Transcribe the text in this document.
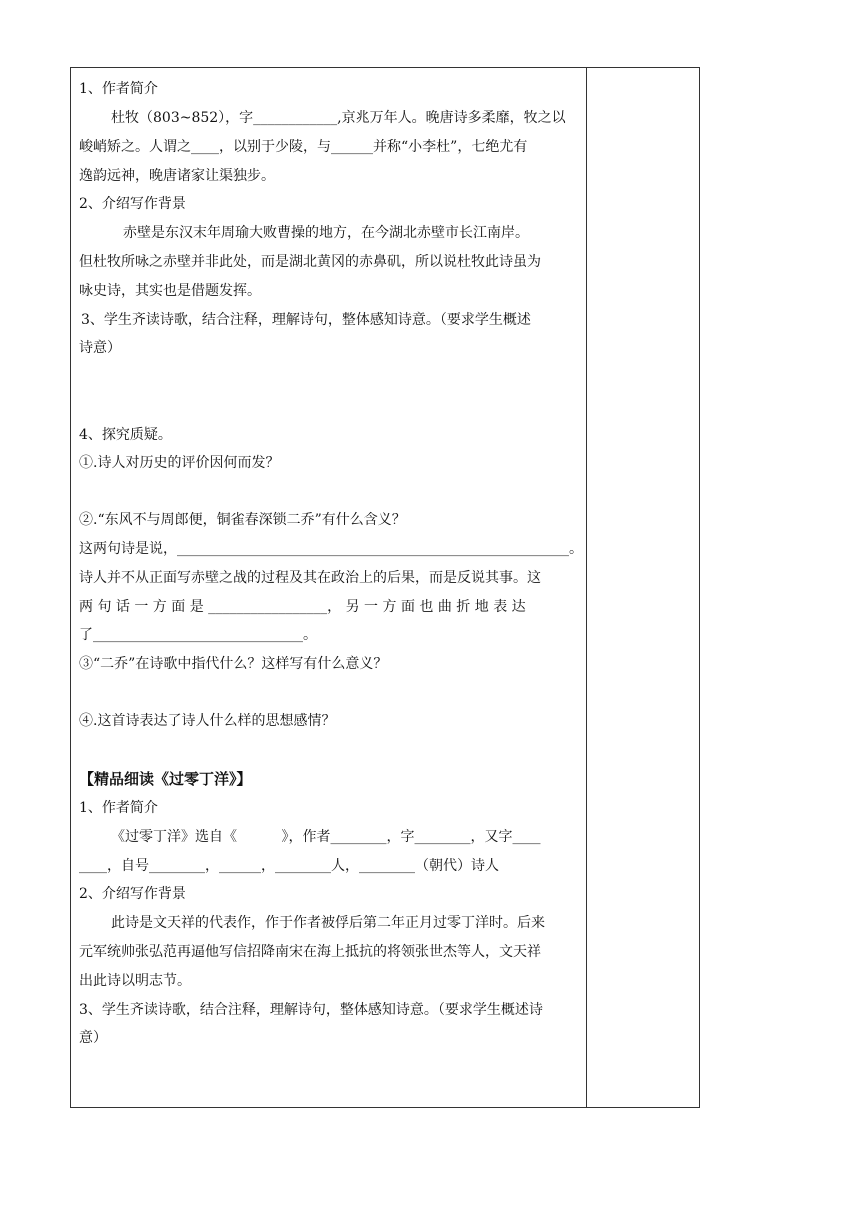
1、作者简介
杜牧（803~852），字____________,京兆万年人。晚唐诗多柔靡，牧之以
峻峭矫之。人谓之____，以别于少陵，与______并称“小李杜”，七绝尤有
逸韵远神，晚唐诸家让渠独步。
2、介绍写作背景
赤壁是东汉末年周瑜大败曹操的地方，在今湖北赤壁市长江南岸。
但杜牧所咏之赤壁并非此处，而是湖北黄冈的赤鼻矶，所以说杜牧此诗虽为
咏史诗，其实也是借题发挥。
3、学生齐读诗歌，结合注释，理解诗句，整体感知诗意。（要求学生概述
诗意）
4、探究质疑。
①.诗人对历史的评价因何而发？
②.“东风不与周郎便，铜雀春深锁二乔”有什么含义？
这两句诗是说，________________________________________________________。
诗人并不从正面写赤壁之战的过程及其在政治上的后果，而是反说其事。这
两 句 话 一 方 面 是 _________________， 另 一 方 面 也 曲 折 地 表 达
了______________________________。
③“二乔”在诗歌中指代什么？这样写有什么意义？
④.这首诗表达了诗人什么样的思想感情？
【精品细读《过零丁洋》】
1、作者简介
《过零丁洋》选自《          》，作者________，字________，又字____
____，自号________，______，________人，________（朝代）诗人
2、介绍写作背景
此诗是文天祥的代表作，作于作者被俘后第二年正月过零丁洋时。后来
元军统帅张弘范再逼他写信招降南宋在海上抵抗的将领张世杰等人，文天祥
出此诗以明志节。
3、学生齐读诗歌，结合注释，理解诗句，整体感知诗意。（要求学生概述诗
意）
